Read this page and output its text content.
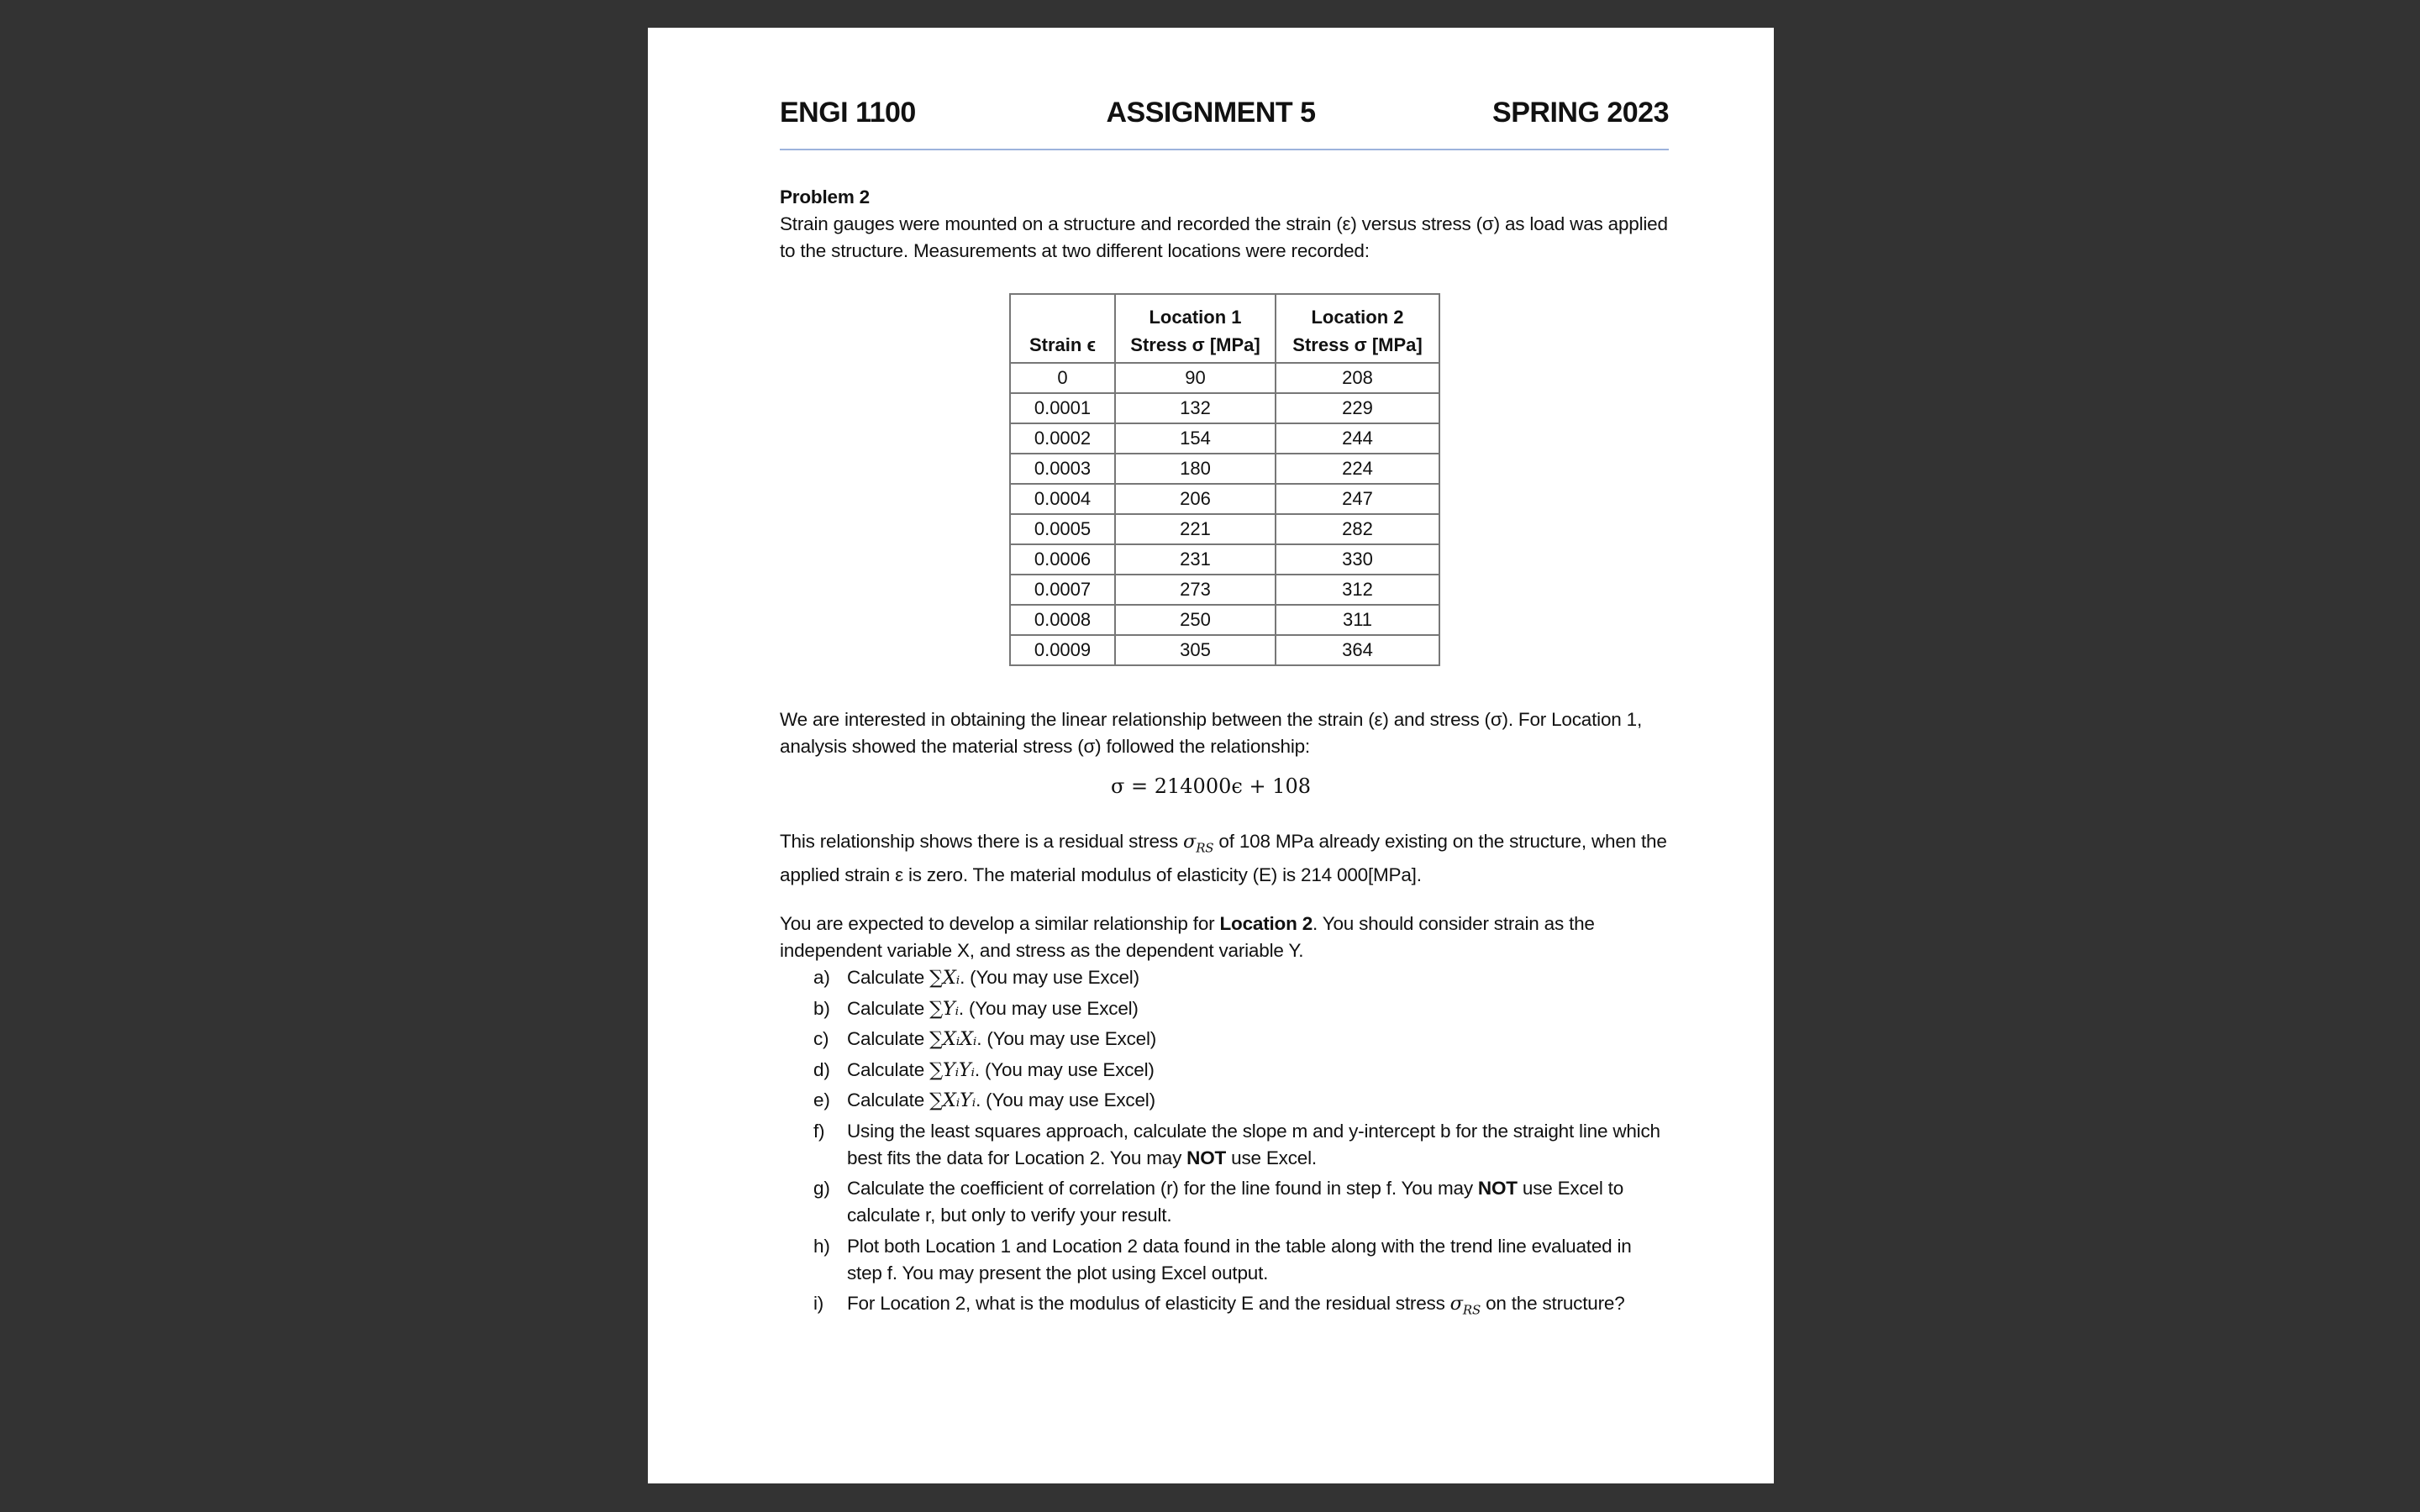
ENGI 1100	ASSIGNMENT 5	SPRING 2023
Problem 2
Strain gauges were mounted on a structure and recorded the strain (ε) versus stress (σ) as load was applied to the structure. Measurements at two different locations were recorded:
	Location 1	Location 2
Strain ϵ	Stress σ [MPa]	Stress σ [MPa]
0	90	208
0.0001	132	229
0.0002	154	244
0.0003	180	224
0.0004	206	247
0.0005	221	282
0.0006	231	330
0.0007	273	312
0.0008	250	311
0.0009	305	364
We are interested in obtaining the linear relationship between the strain (ε) and stress (σ). For Location 1, analysis showed the material stress (σ) followed the relationship:
σ = 214000ϵ + 108
This relationship shows there is a residual stress $\sigma_{RS}$ of 108 MPa already existing on the structure, when the applied strain ε is zero. The material modulus of elasticity (E) is 214 000[MPa].
You are expected to develop a similar relationship for Location 2. You should consider strain as the independent variable X, and stress as the dependent variable Y.
a) Calculate ∑Xᵢ. (You may use Excel)
b) Calculate ∑Yᵢ. (You may use Excel)
c) Calculate ∑XᵢXᵢ. (You may use Excel)
d) Calculate ∑YᵢYᵢ. (You may use Excel)
e) Calculate ∑XᵢYᵢ. (You may use Excel)
f)	Using the least squares approach, calculate the slope m and y-intercept b for the straight line which best fits the data for Location 2. You may NOT use Excel.
g) Calculate the coefficient of correlation (r) for the line found in step f. You may NOT use Excel to calculate r, but only to verify your result.
h) Plot both Location 1 and Location 2 data found in the table along with the trend line evaluated in step f. You may present the plot using Excel output.
i)	For Location 2, what is the modulus of elasticity E and the residual stress $\sigma_{RS}$ on the structure?
